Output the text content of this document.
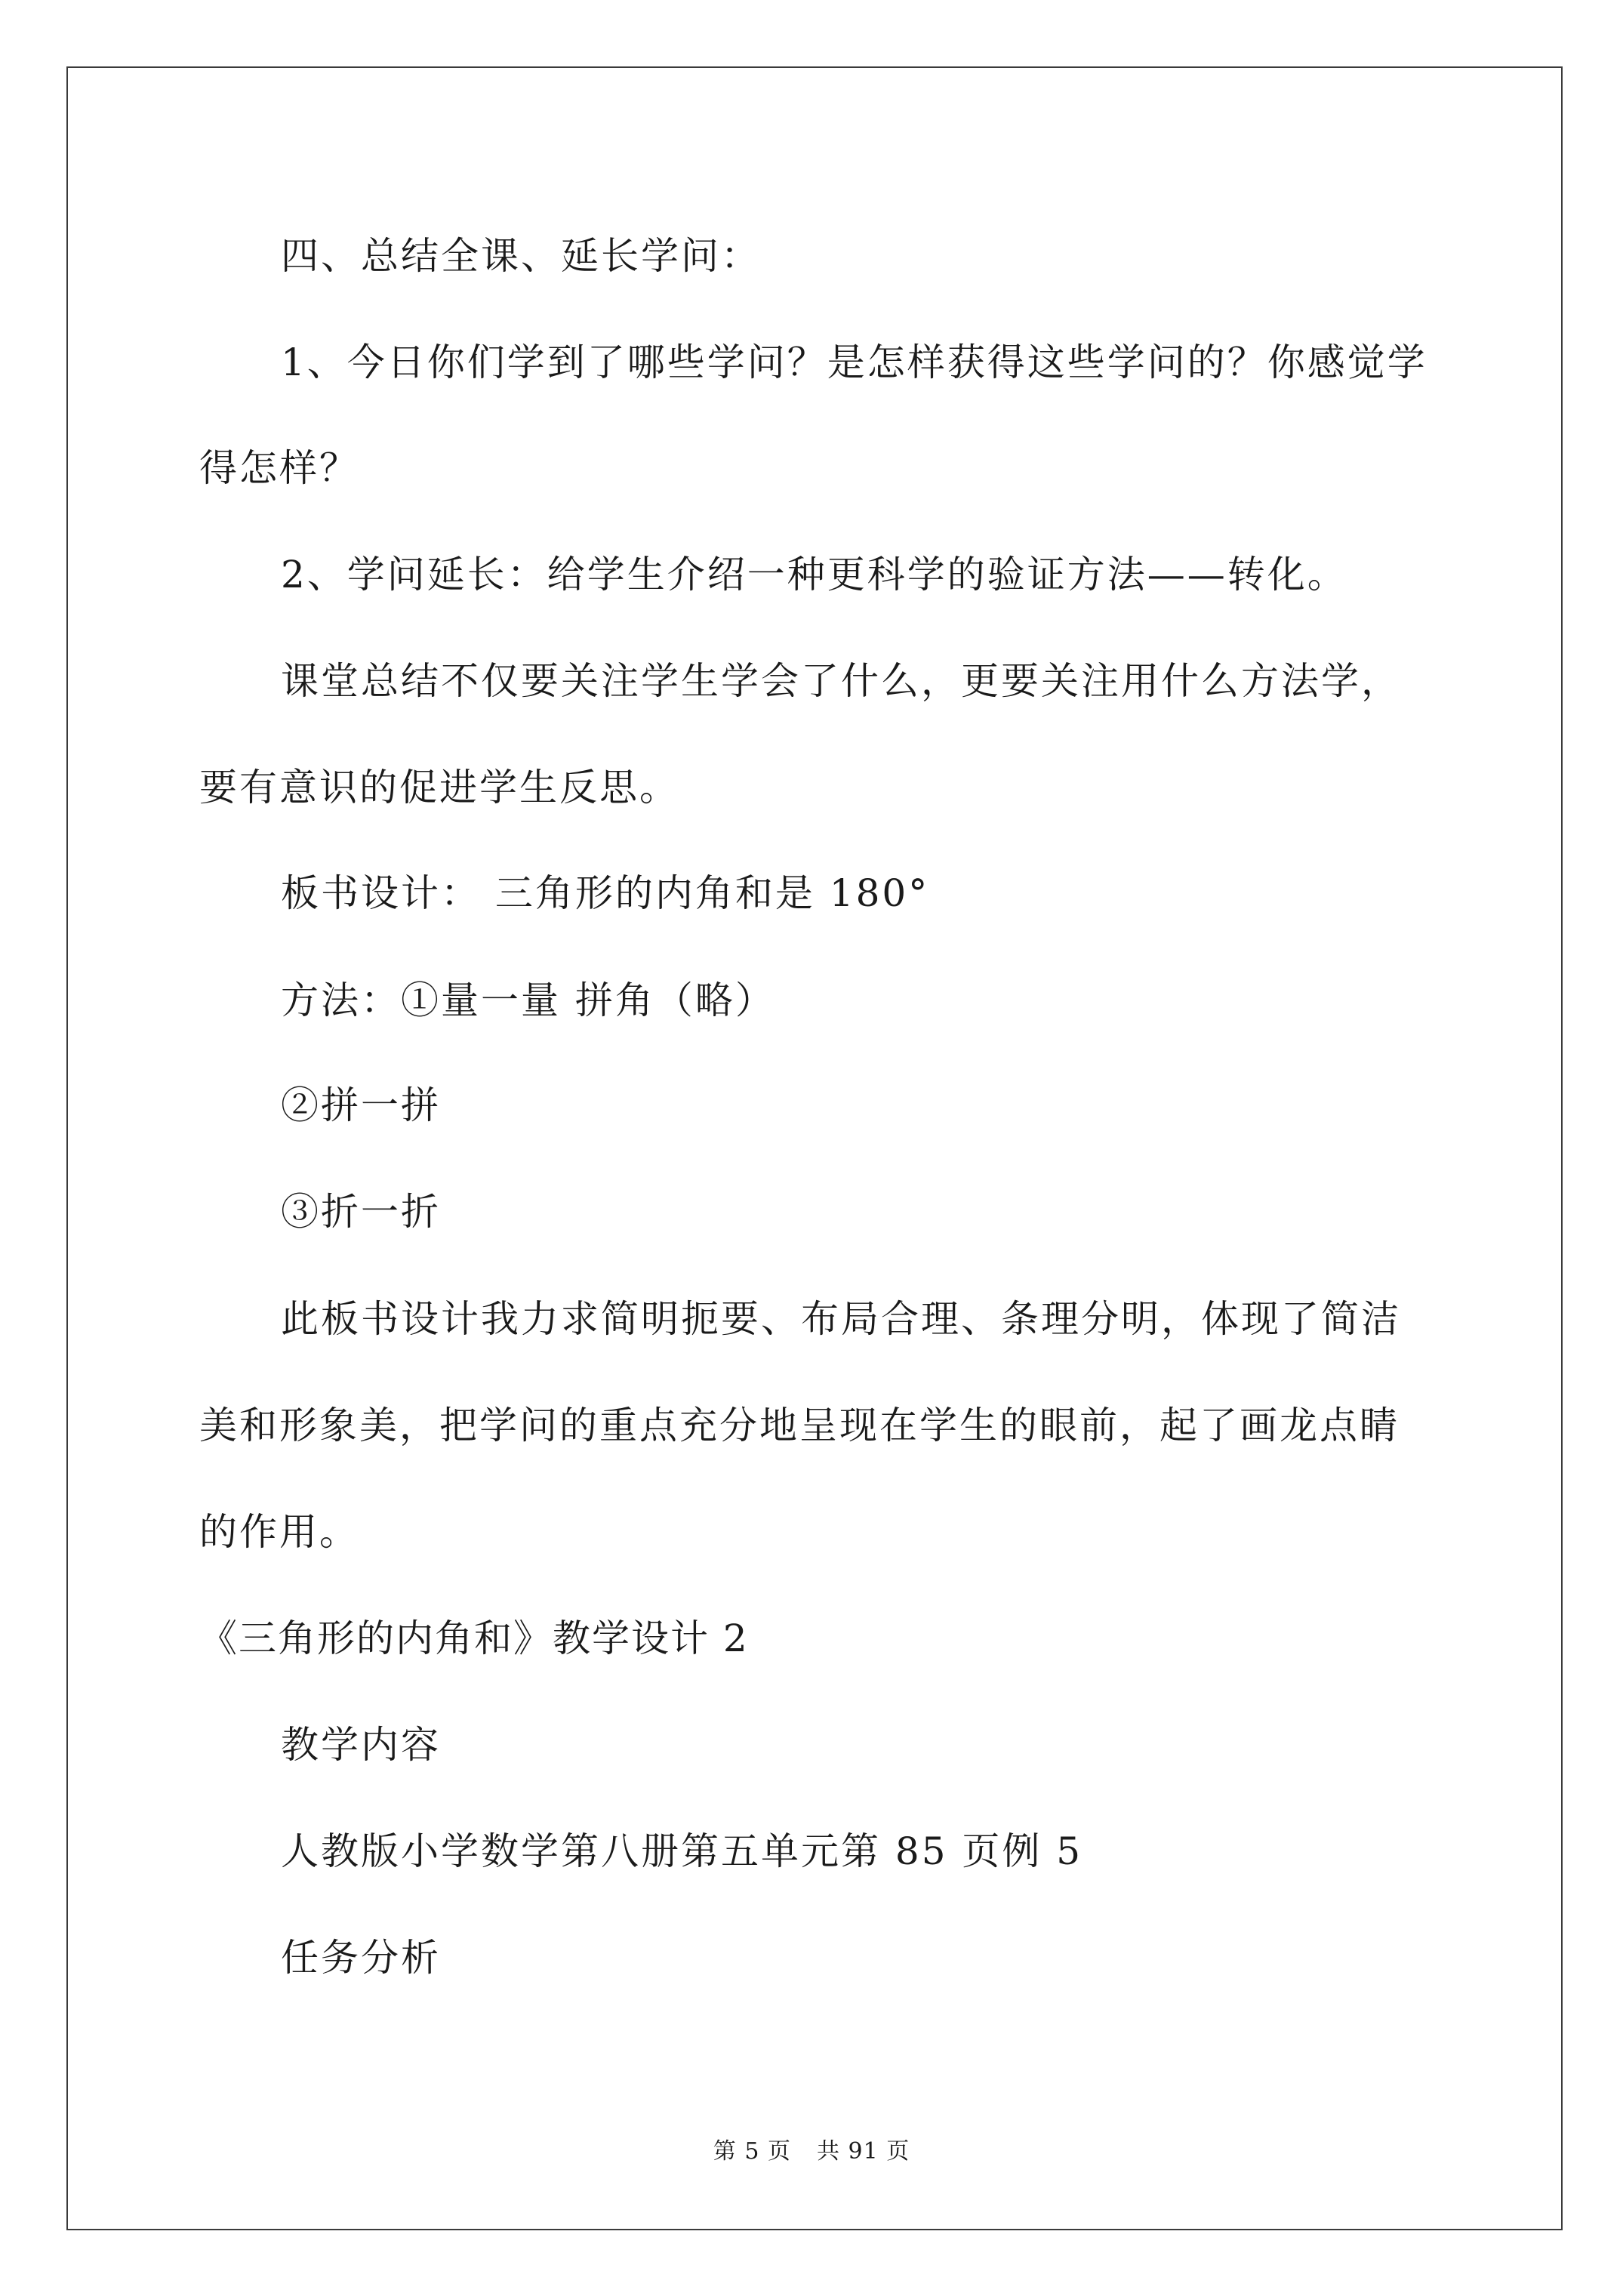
四、总结全课、延长学问：
1、今日你们学到了哪些学问？是怎样获得这些学问的？你感觉学
得怎样？
2、学问延长：给学生介绍一种更科学的验证方法——转化。
课堂总结不仅要关注学生学会了什么，更要关注用什么方法学，
要有意识的促进学生反思。
板书设计： 三角形的内角和是 180°
方法：①量一量 拼角（略）
②拼一拼
③折一折
此板书设计我力求简明扼要、布局合理、条理分明，体现了简洁
美和形象美，把学问的重点充分地呈现在学生的眼前，起了画龙点睛
的作用。
《三角形的内角和》教学设计 2
教学内容
人教版小学数学第八册第五单元第 85 页例 5
任务分析
第 5 页 共 91 页
